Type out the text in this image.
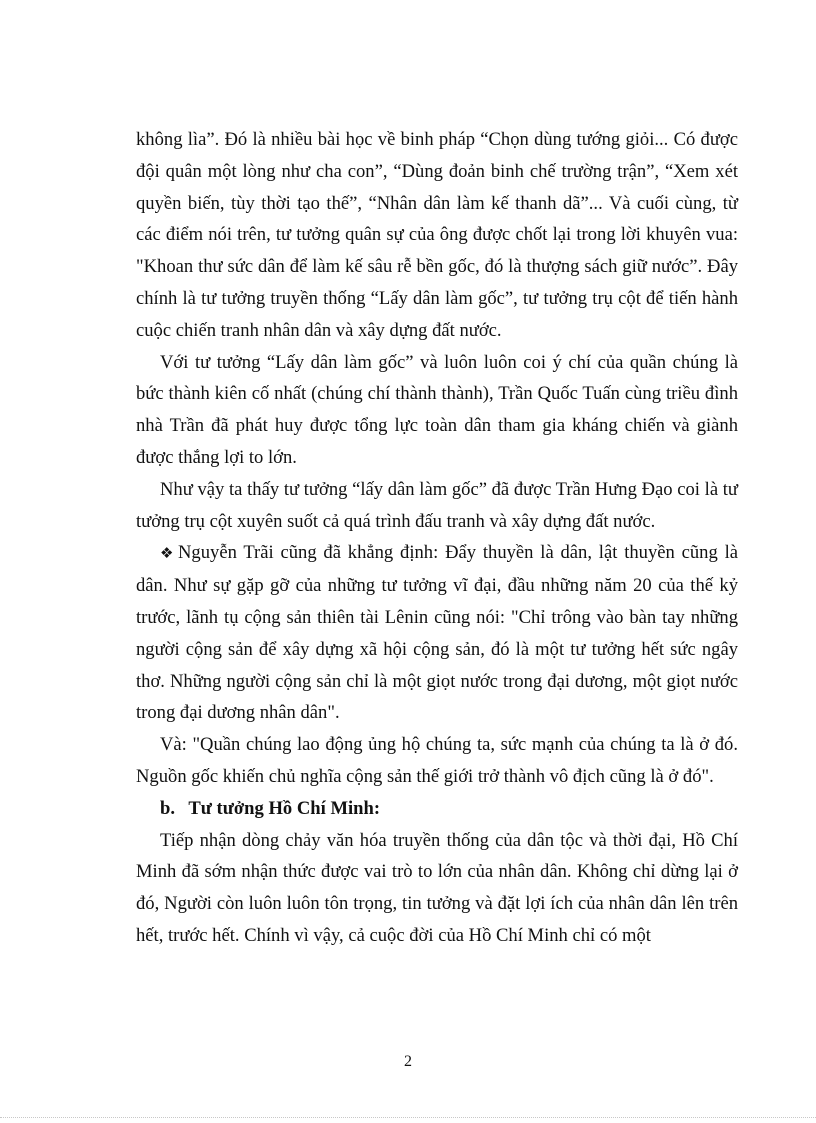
không lìa”. Đó là nhiều bài học về binh pháp “Chọn dùng tướng giỏi... Có được đội quân một lòng như cha con”, “Dùng đoản binh chế trường trận”, “Xem xét quyền biến, tùy thời tạo thế”, “Nhân dân làm kế thanh dã”... Và cuối cùng, từ các điểm nói trên, tư tưởng quân sự của ông được chốt lại trong lời khuyên vua: "Khoan thư sức dân để làm kế sâu rễ bền gốc, đó là thượng sách giữ nước”. Đây chính là tư tưởng truyền thống “Lấy dân làm gốc”, tư tưởng trụ cột để tiến hành cuộc chiến tranh nhân dân và xây dựng đất nước.

Với tư tưởng “Lấy dân làm gốc” và luôn luôn coi ý chí của quần chúng là bức thành kiên cố nhất (chúng chí thành thành), Trần Quốc Tuấn cùng triều đình nhà Trần đã phát huy được tổng lực toàn dân tham gia kháng chiến và giành được thắng lợi to lớn.

Như vậy ta thấy tư tưởng “lấy dân làm gốc” đã được Trần Hưng Đạo coi là tư tưởng trụ cột xuyên suốt cả quá trình đấu tranh và xây dựng đất nước.

❖ Nguyễn Trãi cũng đã khẳng định: Đẩy thuyền là dân, lật thuyền cũng là dân. Như sự gặp gỡ của những tư tưởng vĩ đại, đầu những năm 20 của thế kỷ trước, lãnh tụ cộng sản thiên tài Lênin cũng nói: "Chỉ trông vào bàn tay những người cộng sản để xây dựng xã hội cộng sản, đó là một tư tưởng hết sức ngây thơ. Những người cộng sản chỉ là một giọt nước trong đại dương, một giọt nước trong đại dương nhân dân".

Và: "Quần chúng lao động ủng hộ chúng ta, sức mạnh của chúng ta là ở đó. Nguồn gốc khiến chủ nghĩa cộng sản thế giới trở thành vô địch cũng là ở đó".

b. Tư tưởng Hồ Chí Minh:

Tiếp nhận dòng chảy văn hóa truyền thống của dân tộc và thời đại, Hồ Chí Minh đã sớm nhận thức được vai trò to lớn của nhân dân. Không chỉ dừng lại ở đó, Người còn luôn luôn tôn trọng, tin tưởng và đặt lợi ích của nhân dân lên trên hết, trước hết. Chính vì vậy, cả cuộc đời của Hồ Chí Minh chỉ có một

2
